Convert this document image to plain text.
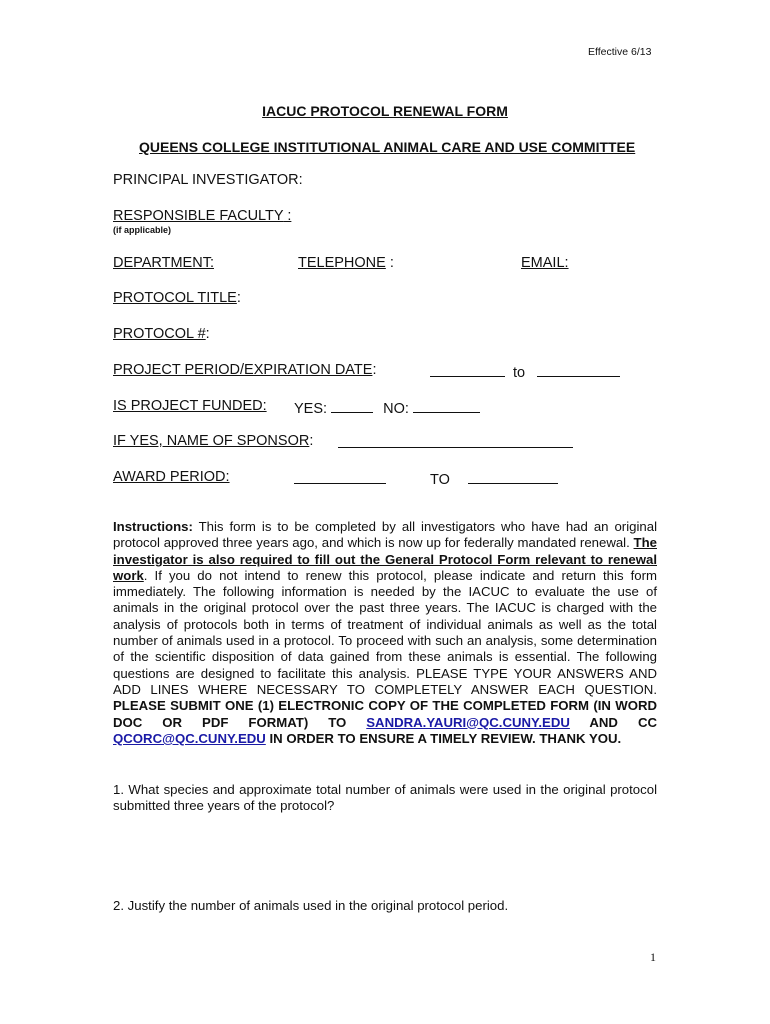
Effective 6/13
IACUC PROTOCOL RENEWAL FORM
QUEENS COLLEGE INSTITUTIONAL ANIMAL CARE AND USE COMMITTEE
PRINCIPAL INVESTIGATOR:
RESPONSIBLE FACULTY :
(if applicable)
DEPARTMENT:	TELEPHONE :	EMAIL:
PROTOCOL TITLE:
PROTOCOL #:
PROJECT PERIOD/EXPIRATION DATE:	to
IS PROJECT FUNDED: YES:	NO:
IF YES, NAME OF SPONSOR:
AWARD PERIOD:	TO
Instructions: This form is to be completed by all investigators who have had an original protocol approved three years ago, and which is now up for federally mandated renewal. The investigator is also required to fill out the General Protocol Form relevant to renewal work. If you do not intend to renew this protocol, please indicate and return this form immediately. The following information is needed by the IACUC to evaluate the use of animals in the original protocol over the past three years. The IACUC is charged with the analysis of protocols both in terms of treatment of individual animals as well as the total number of animals used in a protocol. To proceed with such an analysis, some determination of the scientific disposition of data gained from these animals is essential. The following questions are designed to facilitate this analysis. PLEASE TYPE YOUR ANSWERS AND ADD LINES WHERE NECESSARY TO COMPLETELY ANSWER EACH QUESTION. PLEASE SUBMIT ONE (1) ELECTRONIC COPY OF THE COMPLETED FORM (IN WORD DOC OR PDF FORMAT) TO SANDRA.YAURI@QC.CUNY.EDU AND CC QCORC@QC.CUNY.EDU IN ORDER TO ENSURE A TIMELY REVIEW. THANK YOU.
1. What species and approximate total number of animals were used in the original protocol submitted three years of the protocol?
2. Justify the number of animals used in the original protocol period.
1
